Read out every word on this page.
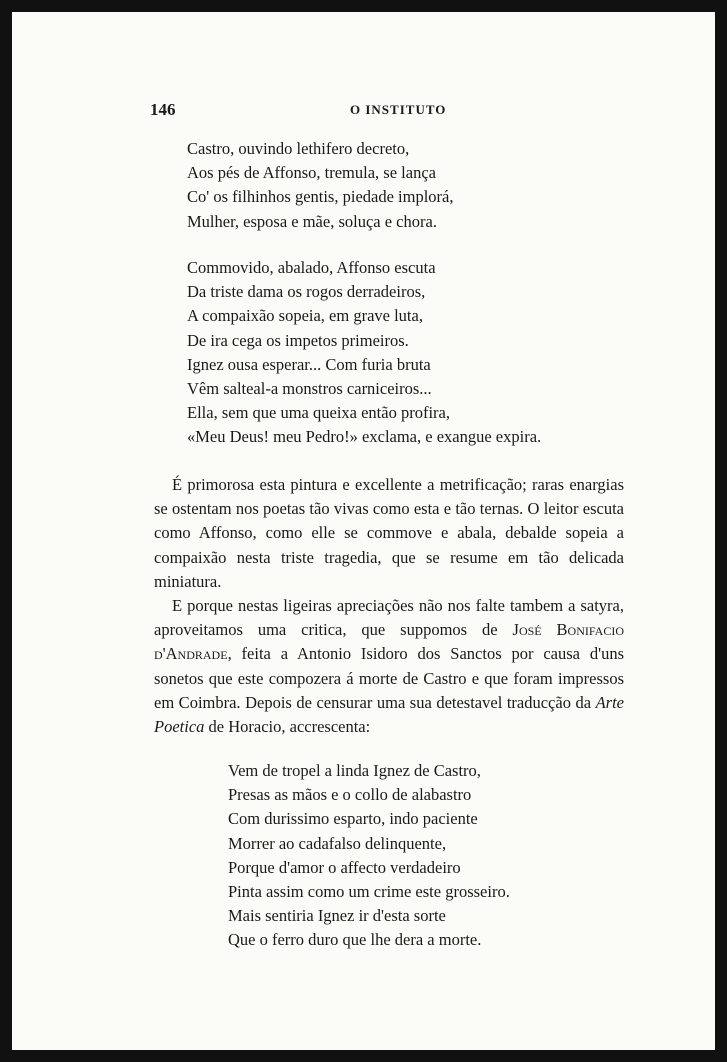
146	O INSTITUTO
Castro, ouvindo lethifero decreto,
Aos pés de Affonso, tremula, se lança
Co' os filhinhos gentis, piedade implorá,
Mulher, esposa e mãe, soluça e chora.
Commovido, abalado, Affonso escuta
Da triste dama os rogos derradeiros,
A compaixão sopeia, em grave luta,
De ira cega os impetos primeiros.
Ignez ousa esperar... Com furia bruta
Vêm salteal-a monstros carniceiros...
Ella, sem que uma queixa então profira,
«Meu Deus! meu Pedro!» exclama, e exangue expira.

É primorosa esta pintura e excellente a metrificação; raras enargias se ostentam nos poetas tão vivas como esta e tão ternas. O leitor escuta como Affonso, como elle se commove e abala, debalde sopeia a compaixão nesta triste tragedia, que se resume em tão delicada miniatura.

E porque nestas ligeiras apreciações não nos falte tambem a satyra, aproveitamos uma critica, que suppomos de José Bonifacio d'Andrade, feita a Antonio Isidoro dos Sanctos por causa d'uns sonetos que este compozera á morte de Castro e que foram impressos em Coimbra. Depois de censurar uma sua detestavel traducção da Arte Poetica de Horacio, accrescenta:

Vem de tropel a linda Ignez de Castro,
Presas as mãos e o collo de alabastro
Com durissimo esparto, indo paciente
Morrer ao cadafalso delinquente,
Porque d'amor o affecto verdadeiro
Pinta assim como um crime este grosseiro.
Mais sentiria Ignez ir d'esta sorte
Que o ferro duro que lhe dera a morte.
